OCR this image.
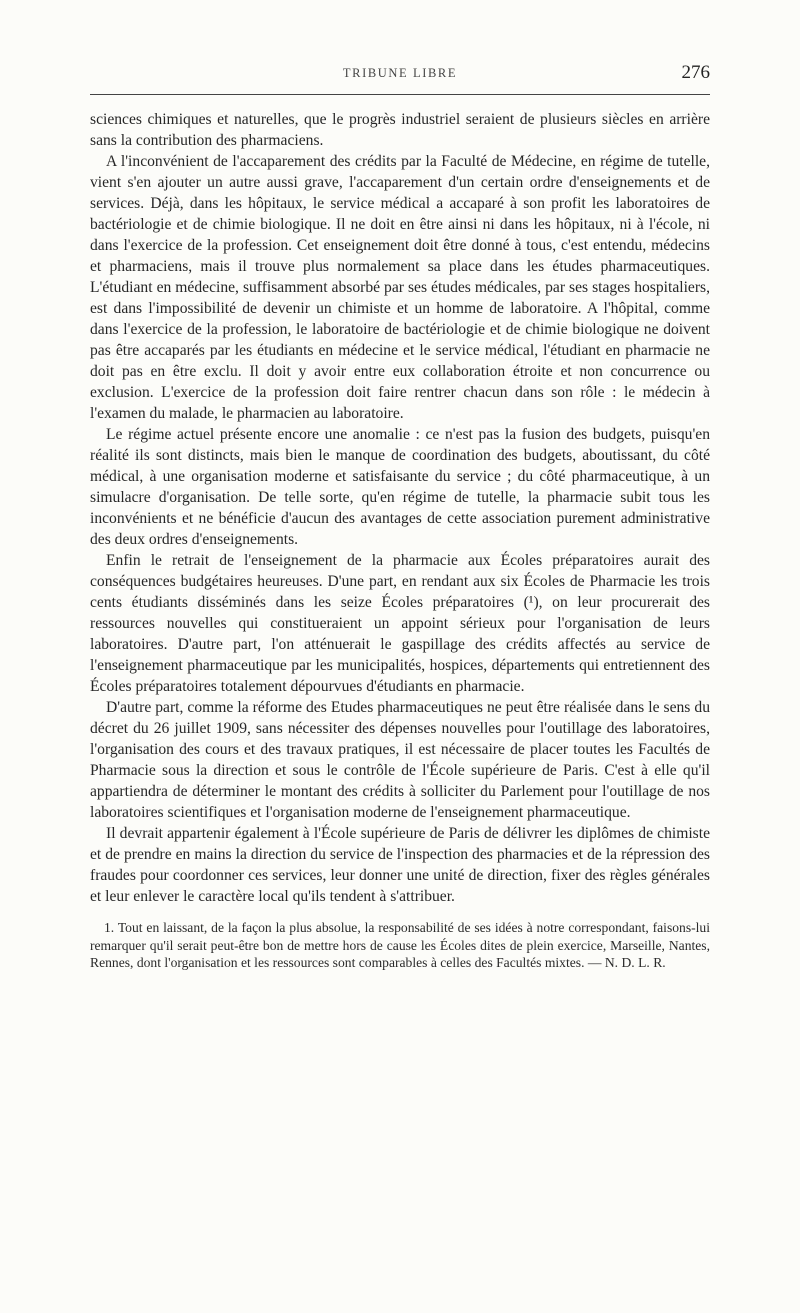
TRIBUNE LIBRE	276

sciences chimiques et naturelles, que le progrès industriel seraient de plusieurs siècles en arrière sans la contribution des pharmaciens.

A l'inconvénient de l'accaparement des crédits par la Faculté de Médecine, en régime de tutelle, vient s'en ajouter un autre aussi grave, l'accaparement d'un certain ordre d'enseignements et de services. Déjà, dans les hôpitaux, le service médical a accaparé à son profit les laboratoires de bactériologie et de chimie biologique. Il ne doit en être ainsi ni dans les hôpitaux, ni à l'école, ni dans l'exercice de la profession. Cet enseignement doit être donné à tous, c'est entendu, médecins et pharmaciens, mais il trouve plus normalement sa place dans les études pharmaceutiques. L'étudiant en médecine, suffisamment absorbé par ses études médicales, par ses stages hospitaliers, est dans l'impossibilité de devenir un chimiste et un homme de laboratoire. A l'hôpital, comme dans l'exercice de la profession, le laboratoire de bactériologie et de chimie biologique ne doivent pas être accaparés par les étudiants en médecine et le service médical, l'étudiant en pharmacie ne doit pas en être exclu. Il doit y avoir entre eux collaboration étroite et non concurrence ou exclusion. L'exercice de la profession doit faire rentrer chacun dans son rôle : le médecin à l'examen du malade, le pharmacien au laboratoire.

Le régime actuel présente encore une anomalie : ce n'est pas la fusion des budgets, puisqu'en réalité ils sont distincts, mais bien le manque de coordination des budgets, aboutissant, du côté médical, à une organisation moderne et satisfaisante du service ; du côté pharmaceutique, à un simulacre d'organisation. De telle sorte, qu'en régime de tutelle, la pharmacie subit tous les inconvénients et ne bénéficie d'aucun des avantages de cette association purement administrative des deux ordres d'enseignements.

Enfin le retrait de l'enseignement de la pharmacie aux Écoles préparatoires aurait des conséquences budgétaires heureuses. D'une part, en rendant aux six Écoles de Pharmacie les trois cents étudiants disséminés dans les seize Écoles préparatoires (¹), on leur procurerait des ressources nouvelles qui constitueraient un appoint sérieux pour l'organisation de leurs laboratoires. D'autre part, l'on atténuerait le gaspillage des crédits affectés au service de l'enseignement pharmaceutique par les municipalités, hospices, départements qui entretiennent des Écoles préparatoires totalement dépourvues d'étudiants en pharmacie.

D'autre part, comme la réforme des Etudes pharmaceutiques ne peut être réalisée dans le sens du décret du 26 juillet 1909, sans nécessiter des dépenses nouvelles pour l'outillage des laboratoires, l'organisation des cours et des travaux pratiques, il est nécessaire de placer toutes les Facultés de Pharmacie sous la direction et sous le contrôle de l'École supérieure de Paris. C'est à elle qu'il appartiendra de déterminer le montant des crédits à solliciter du Parlement pour l'outillage de nos laboratoires scientifiques et l'organisation moderne de l'enseignement pharmaceutique.

Il devrait appartenir également à l'École supérieure de Paris de délivrer les diplômes de chimiste et de prendre en mains la direction du service de l'inspection des pharmacies et de la répression des fraudes pour coordonner ces services, leur donner une unité de direction, fixer des règles générales et leur enlever le caractère local qu'ils tendent à s'attribuer.

1. Tout en laissant, de la façon la plus absolue, la responsabilité de ses idées à notre correspondant, faisons-lui remarquer qu'il serait peut-être bon de mettre hors de cause les Écoles dites de plein exercice, Marseille, Nantes, Rennes, dont l'organisation et les ressources sont comparables à celles des Facultés mixtes. — N. D. L. R.
